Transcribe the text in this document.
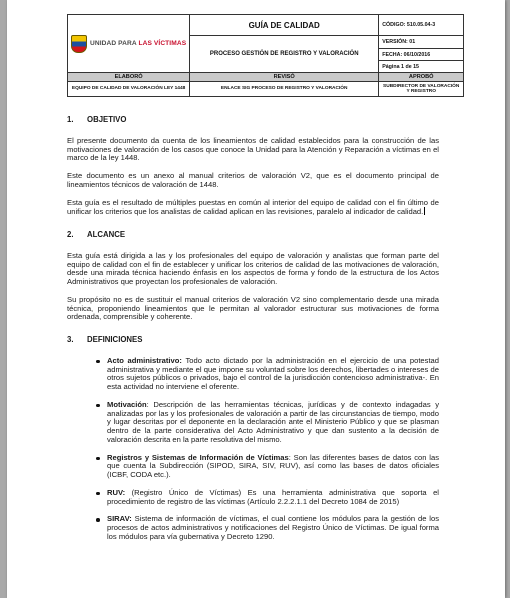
UNIDAD PARA LAS VÍCTIMAS	GUÍA DE CALIDAD	CÓDIGO: 510.05.04-3
	PROCESO GESTIÓN DE REGISTRO Y VALORACIÓN	VERSIÓN: 01
		FECHA: 06/10/2016
		Página 1 de 15
ELABORÓ	REVISÓ	APROBÓ
EQUIPO DE CALIDAD DE VALORACIÓN LEY 1448	ENLACE SIG PROCESO DE REGISTRO Y VALORACIÓN	SUBDIRECTOR DE VALORACIÓN Y REGISTRO
1.	OBJETIVO

El presente documento da cuenta de los lineamientos de calidad establecidos para la construcción de las motivaciones de valoración de los casos que conoce la Unidad para la Atención y Reparación a víctimas en el marco de la ley 1448.

Este documento es un anexo al manual criterios de valoración V2, que es el documento principal de lineamientos técnicos de valoración de 1448.

Esta guía es el resultado de múltiples puestas en común al interior del equipo de calidad con el fin último de unificar los criterios que los analistas de calidad aplican en las revisiones, paralelo al indicador de calidad.

2.	ALCANCE

Esta guía está dirigida a las y los profesionales del equipo de valoración y analistas que forman parte del equipo de calidad con el fin de establecer y unificar los criterios de calidad de las motivaciones de valoración, desde una mirada técnica haciendo énfasis en los aspectos de forma y fondo de la estructura de los Actos Administrativos que proyectan los profesionales de valoración.

Su propósito no es de sustituir el manual criterios de valoración V2 sino complementario desde una mirada técnica, proponiendo lineamientos que le permitan al valorador estructurar sus motivaciones de forma ordenada, comprensible y coherente.

3.	DEFINICIONES
Acto administrativo: Todo acto dictado por la administración en el ejercicio de una potestad administrativa y mediante el que impone su voluntad sobre los derechos, libertades o intereses de otros sujetos públicos o privados, bajo el control de la jurisdicción contencioso administrativa-. En esta actividad no interviene el oferente.
Motivación: Descripción de las herramientas técnicas, jurídicas y de contexto indagadas y analizadas por las y los profesionales de valoración a partir de las circunstancias de tiempo, modo y lugar descritas por el deponente en la declaración ante el Ministerio Público y que se plasman dentro de la parte considerativa del Acto Administrativo y que dan sustento a la decisión de valoración descrita en la parte resolutiva del mismo.
Registros y Sistemas de Información de Víctimas: Son las diferentes bases de datos con las que cuenta la Subdirección (SIPOD, SIRA, SIV, RUV), así como las bases de datos oficiales (ICBF, CODA etc.).
RUV: (Registro Único de Víctimas) Es una herramienta administrativa que soporta el procedimiento de registro de las víctimas (Artículo 2.2.2.1.1 del Decreto 1084 de 2015)
SIRAV: Sistema de información de víctimas, el cual contiene los módulos para la gestión de los procesos de actos administrativos y notificaciones del Registro Único de Víctimas. De igual forma los módulos para vía gubernativa y Decreto 1290.
